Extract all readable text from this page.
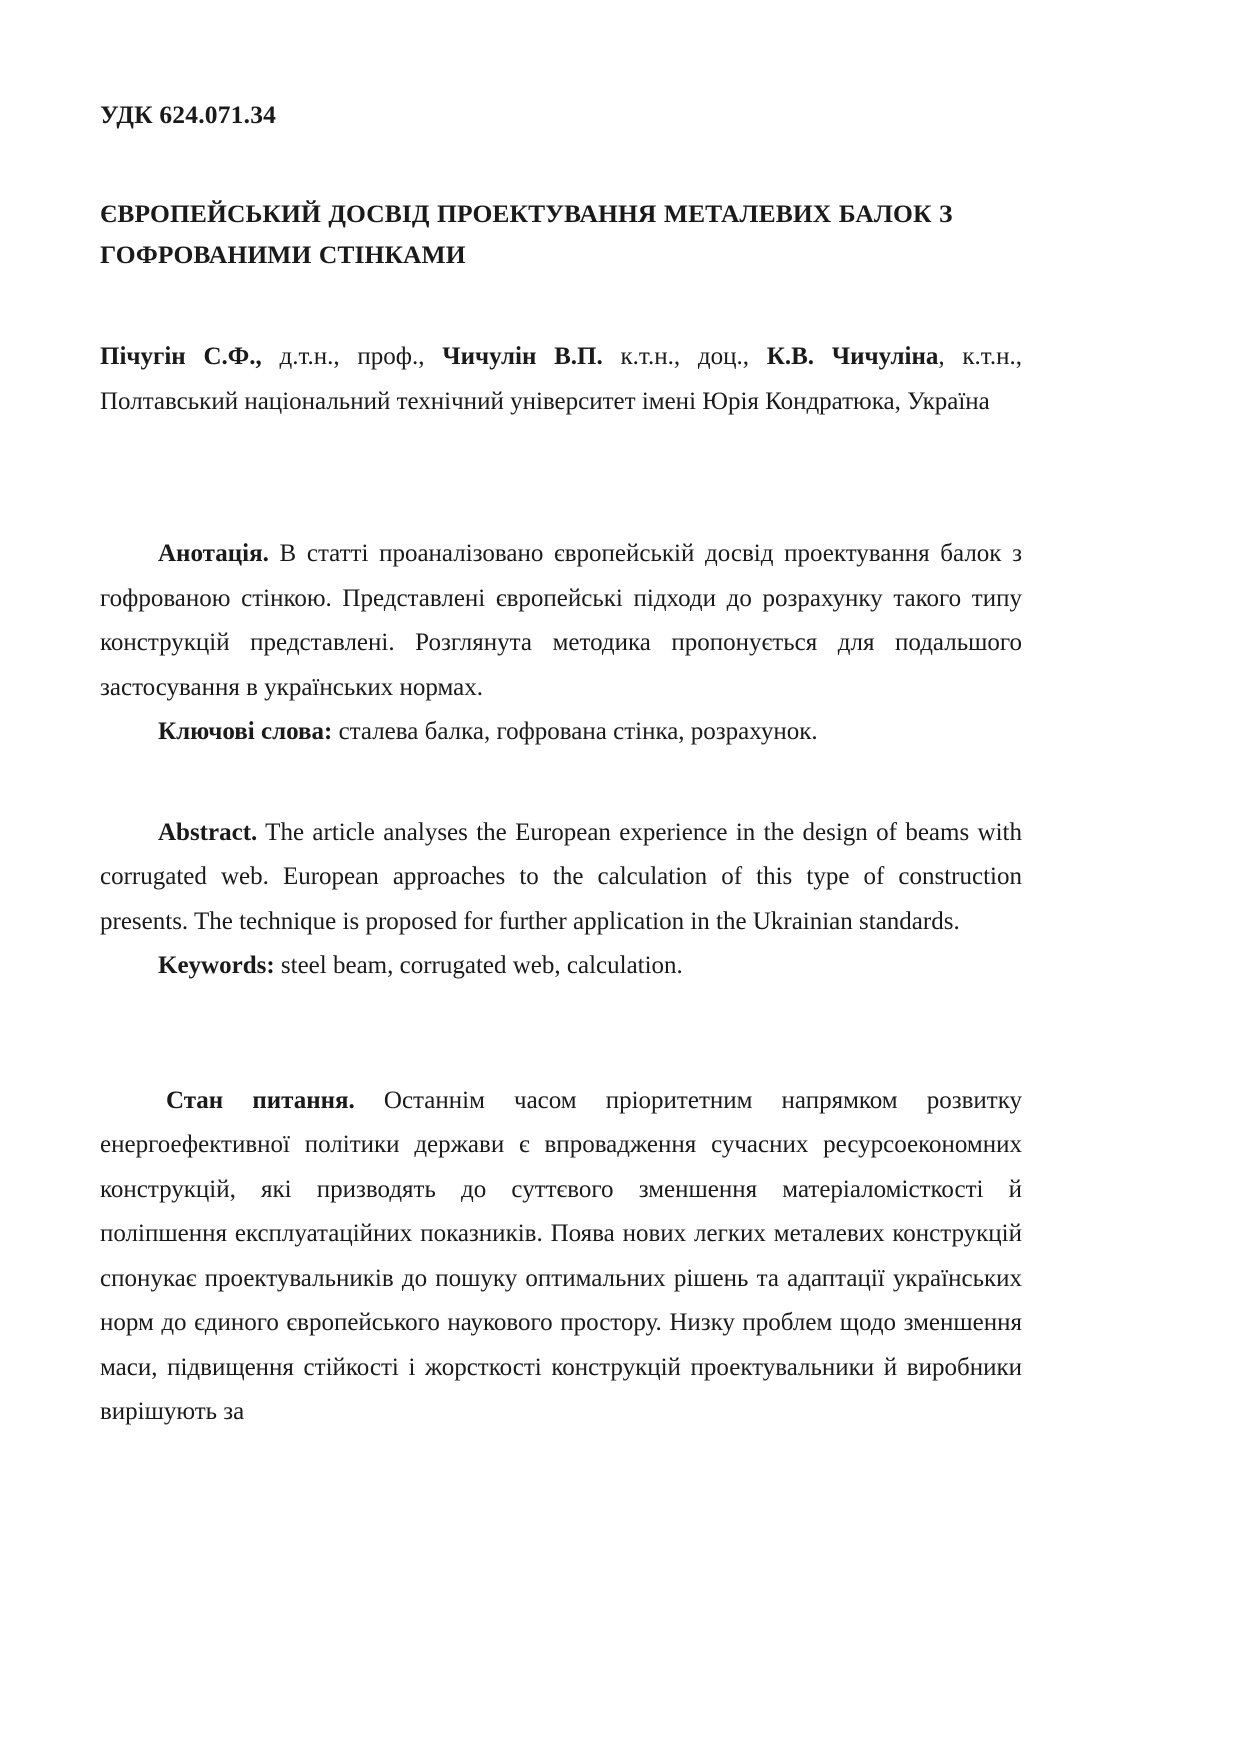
УДК 624.071.34
ЄВРОПЕЙСЬКИЙ ДОСВІД ПРОЕКТУВАННЯ МЕТАЛЕВИХ БАЛОК З ГОФРОВАНИМИ СТІНКАМИ
Пічугін С.Ф., д.т.н., проф., Чичулін В.П. к.т.н., доц., К.В. Чичуліна, к.т.н., Полтавський національний технічний університет імені Юрія Кондратюка, Україна

Анотація. В статті проаналізовано європейській досвід проектування балок з гофрованою стінкою. Представлені європейські підходи до розрахунку такого типу конструкцій представлені. Розглянута методика пропонується для подальшого застосування в українських нормах.

Ключові слова: сталева балка, гофрована стінка, розрахунок.

Abstract. The article analyses the European experience in the design of beams with corrugated web. European approaches to the calculation of this type of construction presents. The technique is proposed for further application in the Ukrainian standards.

Keywords: steel beam, corrugated web, calculation.

Стан питання. Останнім часом пріоритетним напрямком розвитку енергоефективної політики держави є впровадження сучасних ресурсоекономних конструкцій, які призводять до суттєвого зменшення матеріаломісткості й поліпшення експлуатаційних показників. Поява нових легких металевих конструкцій спонукає проектувальників до пошуку оптимальних рішень та адаптації українських норм до єдиного європейського наукового простору. Низку проблем щодо зменшення маси, підвищення стійкості і жорсткості конструкцій проектувальники й виробники вирішують за
